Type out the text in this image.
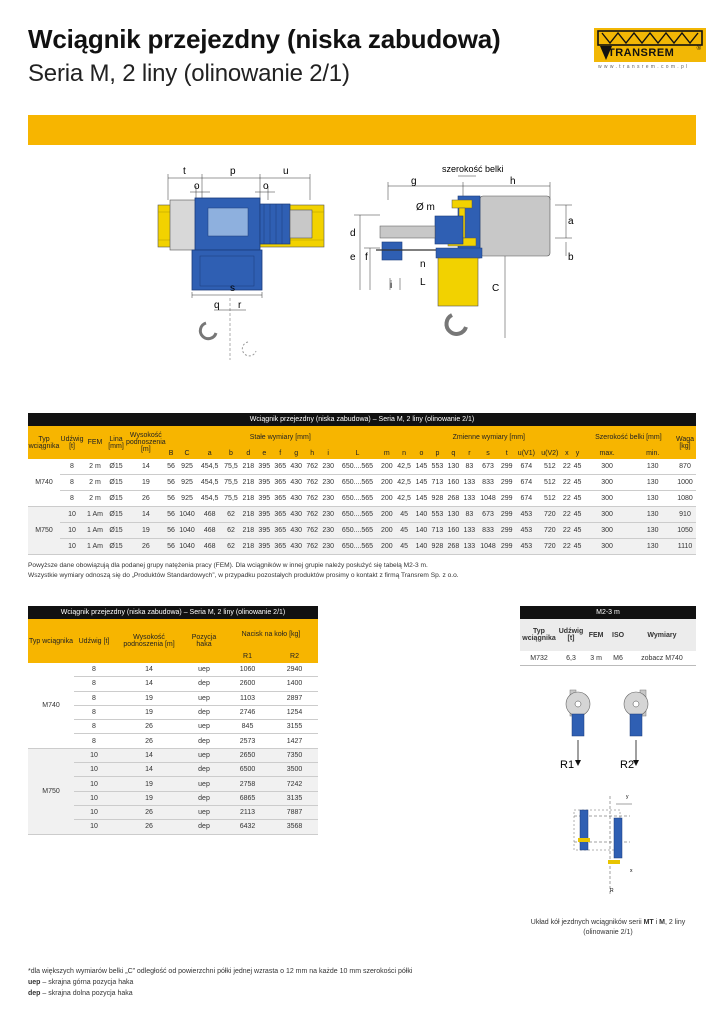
Wciągnik przejezdny (niska zabudowa)
Seria M, 2 liny (olinowanie 2/1)
TRANSREM	®
www.transrem.com.pl
t	p	u
o	o
s
q r
szerokość belki
g	h
a
b
Ø m
d
e f
n
i	L
C
Wciągnik przejezdny (niska zabudowa) – Seria M, 2 liny (olinowanie 2/1)																														
Typ wciągnika	Udźwig [t]	FEM	Lina [mm]	Wysokość podnoszenia [m]	Stałe wymiary [mm]												Zmienne wymiary [mm]											Szerokość belki [mm]		Waga [kg]
					B	C	a	b	d	e	f	g	h	i	L	m	n	o	p	q	r	s	t	u(V1)	u(V2)	x	y	max.	min.	
M740	8	2 m	Ø15	14	56	925	454,5	75,5	218	395	365	430	762	230	650....565	200	42,5	145	553	130	83	673	299	674	512	22	45	300	130	870
	8	2 m	Ø15	19	56	925	454,5	75,5	218	395	365	430	762	230	650....565	200	42,5	145	713	160	133	833	299	674	512	22	45	300	130	1000
	8	2 m	Ø15	26	56	925	454,5	75,5	218	395	365	430	762	230	650....565	200	42,5	145	928	268	133	1048	299	674	512	22	45	300	130	1080
M750	10	1 Am	Ø15	14	56	1040	468	62	218	395	365	430	762	230	650....565	200	45	140	553	130	83	673	299	453	720	22	45	300	130	910
	10	1 Am	Ø15	19	56	1040	468	62	218	395	365	430	762	230	650....565	200	45	140	713	160	133	833	299	453	720	22	45	300	130	1050
	10	1 Am	Ø15	26	56	1040	468	62	218	395	365	430	762	230	650....565	200	45	140	928	268	133	1048	299	453	720	22	45	300	130	1110
Powyższe dane obowiązują dla podanej grupy natężenia pracy (FEM). Dla wciągników w innej grupie należy posłużyć się tabelą M2-3 m.
Wszystkie wymiary odnoszą się do „Produktów Standardowych”, w przypadku pozostałych produktów prosimy o kontakt z firmą Transrem Sp. z o.o.
Wciągnik przejezdny (niska zabudowa) – Seria M, 2 liny (olinowanie 2/1)					
Typ wciągnika	Udźwig [t]	Wysokość podnoszenia [m]	Pozycja haka	Nacisk na koło [kg]	
				R1	R2
M740	8	14	uep	1060	2940
	8	14	dep	2600	1400
	8	19	uep	1103	2897
	8	19	dep	2746	1254
	8	26	uep	845	3155
	8	26	dep	2573	1427
M750	10	14	uep	2650	7350
	10	14	dep	6500	3500
	10	19	uep	2758	7242
	10	19	dep	6865	3135
	10	26	uep	2113	7887
	10	26	dep	6432	3568
M2-3 m				
Typ wciągnika	Udźwig [t]	FEM	ISO	Wymiary
M732	6,3	3 m	M6	zobacz M740
R1	R2
y
R
x
Układ kół jezdnych wciągników serii MT i M, 2 liny (olinowanie 2/1)
*dla większych wymiarów belki „C” odległość od powierzchni półki jednej wzrasta o 12 mm na każde 10 mm szerokości półki
uep – skrajna górna pozycja haka
dep – skrajna dolna pozycja haka
